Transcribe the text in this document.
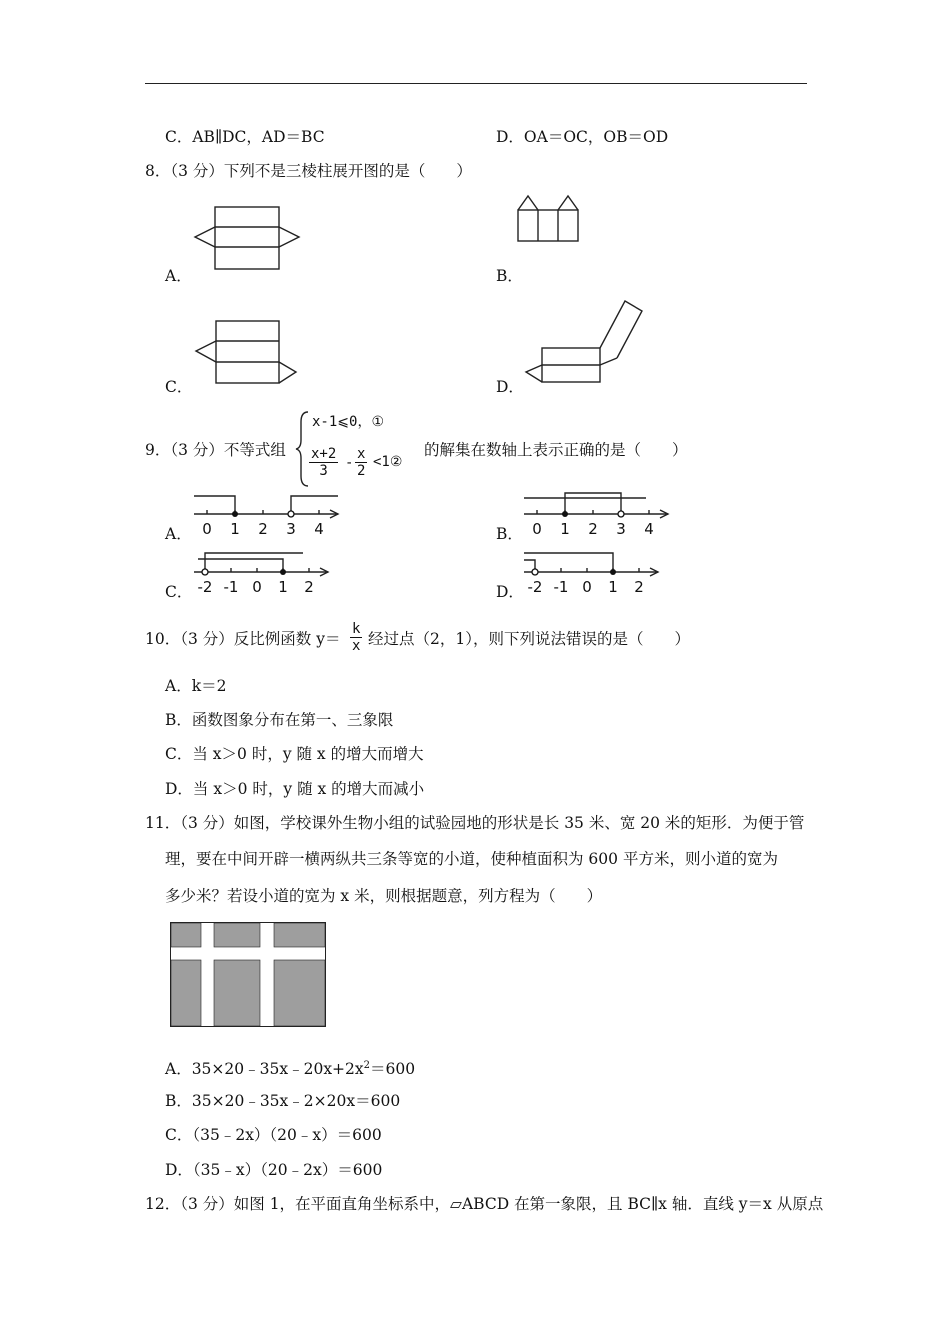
C．AB∥DC，AD＝BC	D．OA＝OC，OB＝OD
8．（3 分）下列不是三棱柱展开图的是（　　）
A．	B．
C．	D．
9．（3 分）不等式组
x-1⩽0，①
$\frac{x+2}{3} - \frac{x}{2}$ <1②
的解集在数轴上表示正确的是（　　）
A． 0 1 2 3 4	B． 0 1 2 3 4
C． -2 -1 0 1 2	D． -2 -1 0 1 2
10．（3 分）反比例函数 $y= \frac{k}{x}$ 经过点（2，1），则下列说法错误的是（　　）
A．k＝2
B．函数图象分布在第一、三象限
C．当 x＞0 时，y 随 x 的增大而增大
D．当 x＞0 时，y 随 x 的增大而减小
11．（3 分）如图，学校课外生物小组的试验园地的形状是长 35 米、宽 20 米的矩形．为便于管
理，要在中间开辟一横两纵共三条等宽的小道，使种植面积为 600 平方米，则小道的宽为
多少米？若设小道的宽为 x 米，则根据题意，列方程为（　　）
A．$35\times 20﹣35x﹣20x+2x^2=600$
B．35×20﹣35x﹣2×20x＝600
C．（35﹣2x）（20﹣x）＝600
D．（35﹣x）（20﹣2x）＝600
12．（3 分）如图 1，在平面直角坐标系中，▱ABCD 在第一象限，且 BC∥x 轴．直线 y＝x 从原点
